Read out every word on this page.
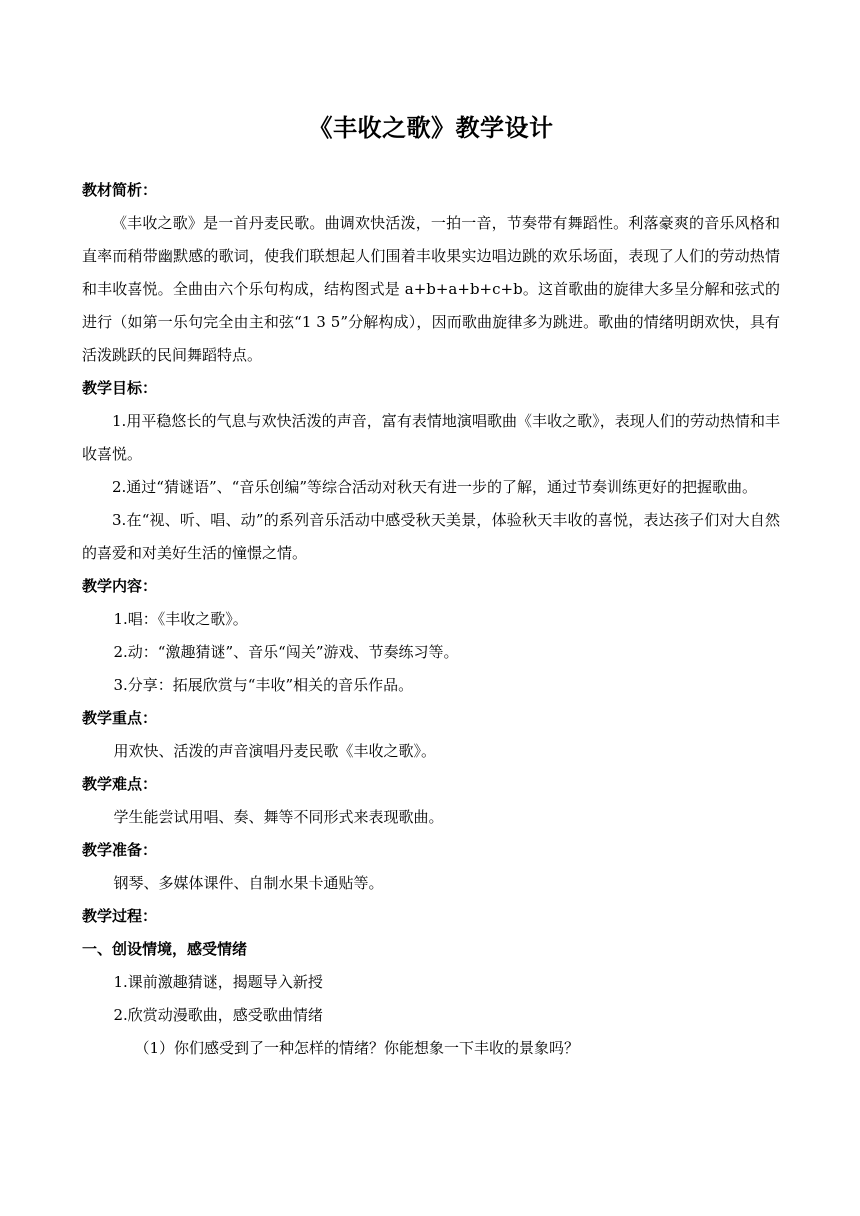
《丰收之歌》教学设计

教材简析：

《丰收之歌》是一首丹麦民歌。曲调欢快活泼，一拍一音，节奏带有舞蹈性。利落豪爽的音乐风格和直率而稍带幽默感的歌词，使我们联想起人们围着丰收果实边唱边跳的欢乐场面，表现了人们的劳动热情和丰收喜悦。全曲由六个乐句构成，结构图式是 a+b+a+b+c+b。这首歌曲的旋律大多呈分解和弦式的进行（如第一乐句完全由主和弦“1 3 5”分解构成），因而歌曲旋律多为跳进。歌曲的情绪明朗欢快，具有活泼跳跃的民间舞蹈特点。

教学目标：

1.用平稳悠长的气息与欢快活泼的声音，富有表情地演唱歌曲《丰收之歌》，表现人们的劳动热情和丰收喜悦。

2.通过“猜谜语”、“音乐创编”等综合活动对秋天有进一步的了解，通过节奏训练更好的把握歌曲。

3.在“视、听、唱、动”的系列音乐活动中感受秋天美景，体验秋天丰收的喜悦，表达孩子们对大自然的喜爱和对美好生活的憧憬之情。

教学内容：

1.唱：《丰收之歌》。

2.动：“激趣猜谜”、音乐“闯关”游戏、节奏练习等。

3.分享：拓展欣赏与“丰收”相关的音乐作品。

教学重点：

用欢快、活泼的声音演唱丹麦民歌《丰收之歌》。

教学难点：

学生能尝试用唱、奏、舞等不同形式来表现歌曲。

教学准备：

钢琴、多媒体课件、自制水果卡通贴等。

教学过程：

一、创设情境，感受情绪

1.课前激趣猜谜，揭题导入新授

2.欣赏动漫歌曲，感受歌曲情绪

（1）你们感受到了一种怎样的情绪？你能想象一下丰收的景象吗？
